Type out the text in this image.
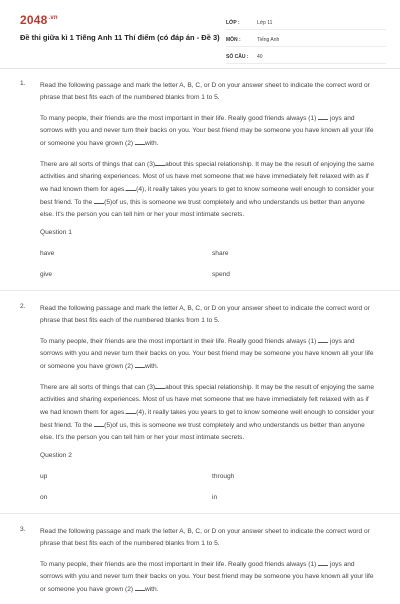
$2048^{.vn}$
Đề thi giữa kì 1 Tiếng Anh 11 Thí điểm (có đáp án - Đề 3)
LỚP :	Lớp 11
MÔN :	Tiếng Anh
SỐ CÂU :	40
1. Read the following passage and mark the letter A, B, C, or D on your answer sheet to indicate the correct word or phrase that best fits each of the numbered blanks from 1 to 5.

To many people, their friends are the most important in their life. Really good friends always (1) joys and sorrows with you and never turn their backs on you. Your best friend may be someone you have known all your life or someone you have grown (2) with.

There are all sorts of things that can (3) about this special relationship. It may be the result of enjoying the same activities and sharing experiences. Most of us have met someone that we have immediately felt relaxed with as if we had known them for ages. (4), it really takes you years to get to know someone well enough to consider your best friend. To the (5)of us, this is someone we trust completely and who understands us better than anyone else. It's the person you can tell him or her your most intimate secrets.

Question 1
have	share
give	spend
2. Read the following passage and mark the letter A, B, C, or D on your answer sheet to indicate the correct word or phrase that best fits each of the numbered blanks from 1 to 5.

To many people, their friends are the most important in their life. Really good friends always (1) joys and sorrows with you and never turn their backs on you. Your best friend may be someone you have known all your life or someone you have grown (2) with.

There are all sorts of things that can (3) about this special relationship. It may be the result of enjoying the same activities and sharing experiences. Most of us have met someone that we have immediately felt relaxed with as if we had known them for ages. (4), it really takes you years to get to know someone well enough to consider your best friend. To the (5)of us, this is someone we trust completely and who understands us better than anyone else. It's the person you can tell him or her your most intimate secrets.

Question 2
up	through
on	in
3. Read the following passage and mark the letter A, B, C, or D on your answer sheet to indicate the correct word or phrase that best fits each of the numbered blanks from 1 to 5.

To many people, their friends are the most important in their life. Really good friends always (1) joys and sorrows with you and never turn their backs on you. Your best friend may be someone you have known all your life or someone you have grown (2) with.
